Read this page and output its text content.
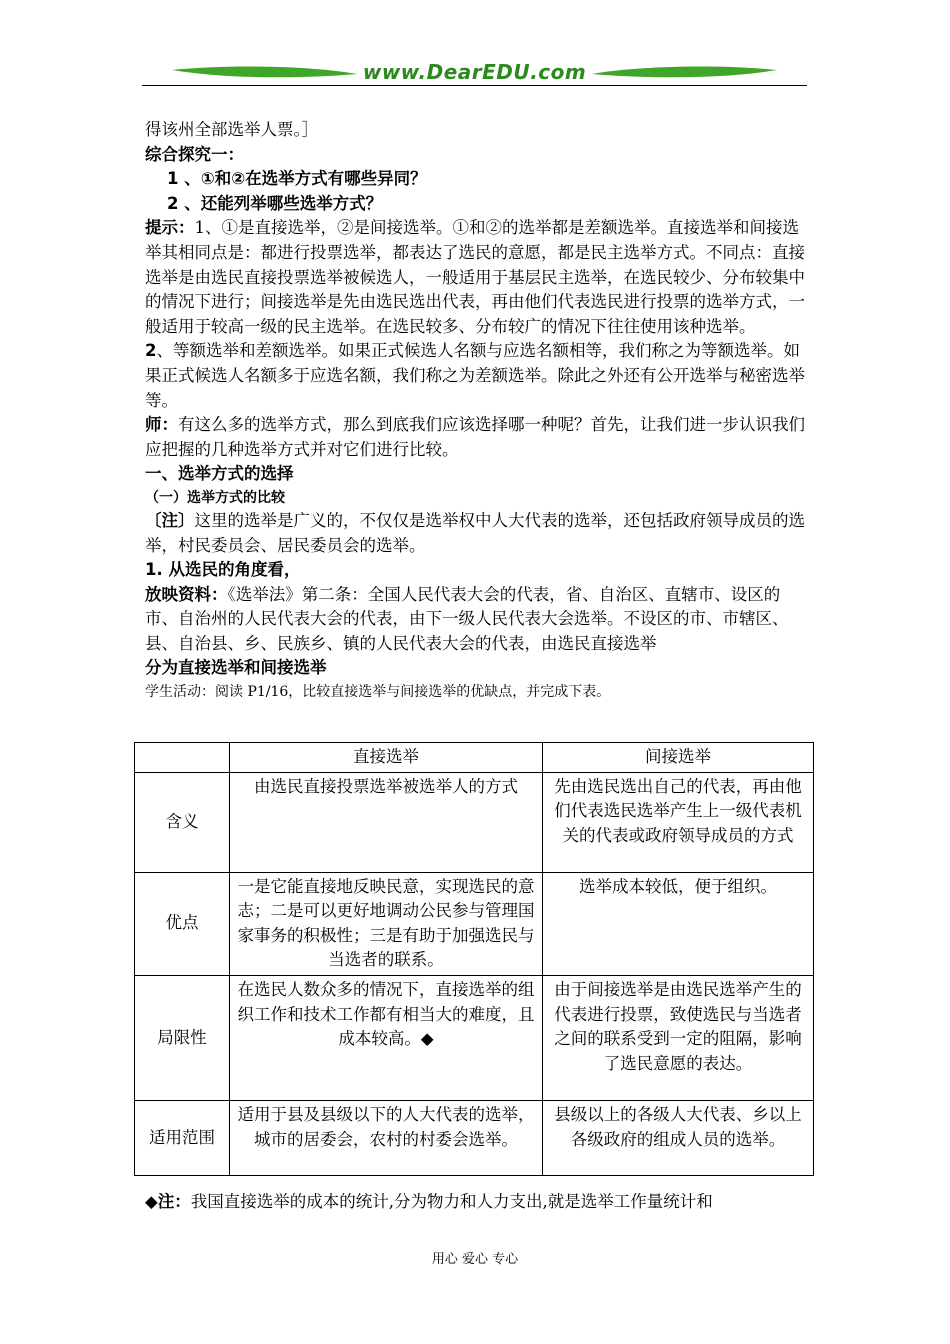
www.DearEDU.com

得该州全部选举人票。］

综合探究一：

1 、①和②在选举方式有哪些异同？

2 、还能列举哪些选举方式？

提示：1、①是直接选举，②是间接选举。①和②的选举都是差额选举。直接选举和间接选举其相同点是：都进行投票选举，都表达了选民的意愿，都是民主选举方式。不同点：直接选举是由选民直接投票选举被候选人，一般适用于基层民主选举，在选民较少、分布较集中的情况下进行；间接选举是先由选民选出代表，再由他们代表选民进行投票的选举方式，一般适用于较高一级的民主选举。在选民较多、分布较广的情况下往往使用该种选举。

2、等额选举和差额选举。如果正式候选人名额与应选名额相等，我们称之为等额选举。如果正式候选人名额多于应选名额，我们称之为差额选举。除此之外还有公开选举与秘密选举等。

师：有这么多的选举方式，那么到底我们应该选择哪一种呢？首先，让我们进一步认识我们应把握的几种选举方式并对它们进行比较。

一、选举方式的选择

（一）选举方式的比较

〔注〕这里的选举是广义的，不仅仅是选举权中人大代表的选举，还包括政府领导成员的选举，村民委员会、居民委员会的选举。

1. 从选民的角度看，

放映资料：《选举法》第二条：全国人民代表大会的代表，省、自治区、直辖市、设区的市、自治州的人民代表大会的代表，由下一级人民代表大会选举。不设区的市、市辖区、县、自治县、乡、民族乡、镇的人民代表大会的代表，由选民直接选举

分为直接选举和间接选举

学生活动：阅读 P1/16，比较直接选举与间接选举的优缺点，并完成下表。

	直接选举	间接选举
含义	由选民直接投票选举被选举人的方式	先由选民选出自己的代表，再由他们代表选民选举产生上一级代表机关的代表或政府领导成员的方式
优点	一是它能直接地反映民意，实现选民的意志；二是可以更好地调动公民参与管理国家事务的积极性；三是有助于加强选民与当选者的联系。	选举成本较低，便于组织。
局限性	在选民人数众多的情况下，直接选举的组织工作和技术工作都有相当大的难度，且成本较高。◆	由于间接选举是由选民选举产生的代表进行投票，致使选民与当选者之间的联系受到一定的阻隔，影响了选民意愿的表达。
适用范围	适用于县及县级以下的人大代表的选举，城市的居委会，农村的村委会选举。	县级以上的各级人大代表、乡以上各级政府的组成人员的选举。
◆注：我国直接选举的成本的统计,分为物力和人力支出,就是选举工作量统计和
用心 爱心 专心
